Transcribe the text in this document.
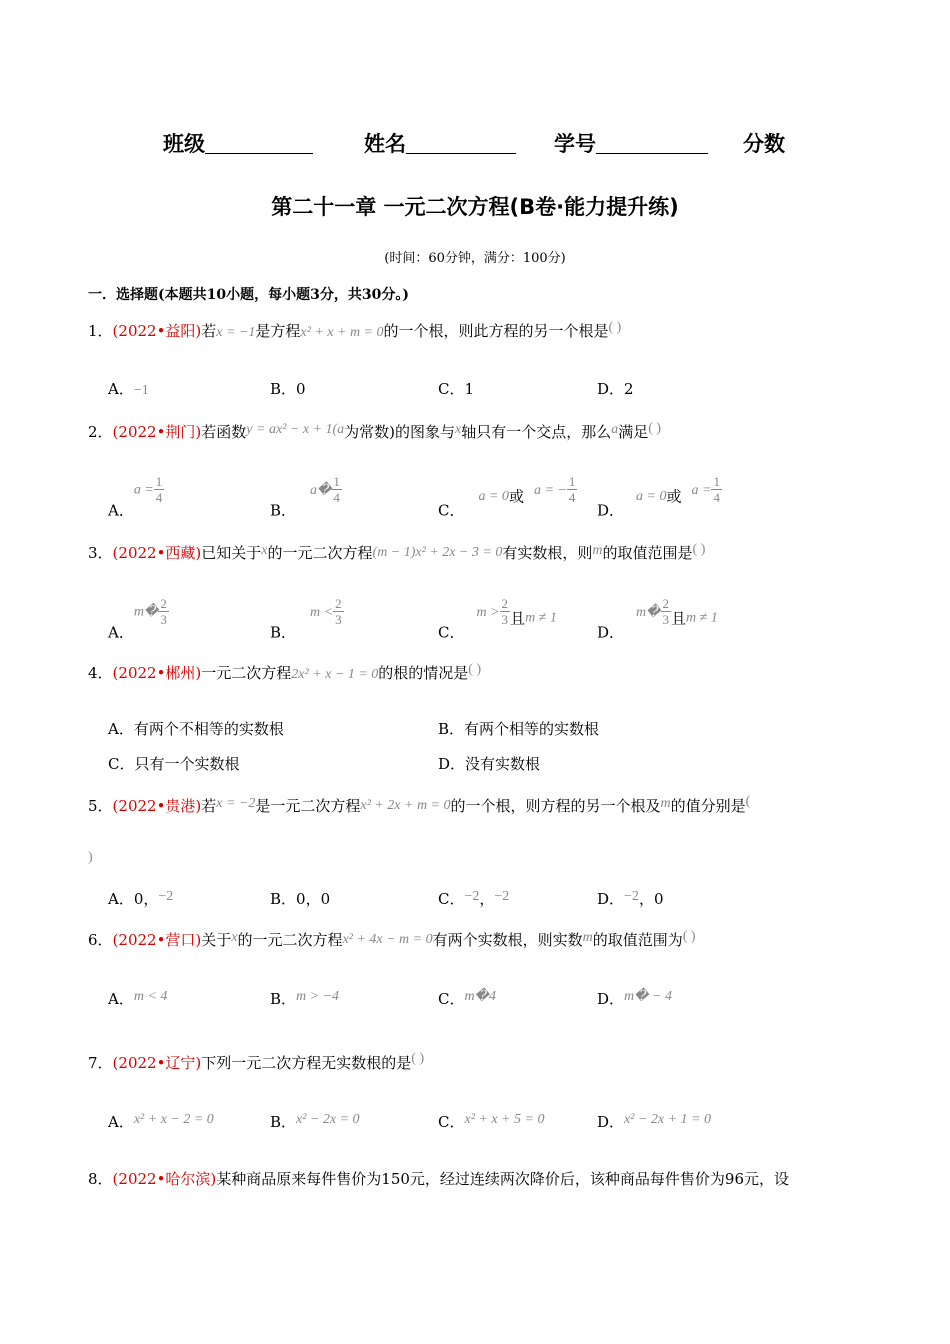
班级	姓名	学号	分数
第二十一章 一元二次方程(B卷·能力提升练)
(时间：60分钟，满分：100分)
一．选择题(本题共10小题，每小题3分，共30分。)
1．(2022•益阳)若x = −1是方程x² + x + m = 0的一个根，则此方程的另一个根是( )
A．−1	B．0	C．1	D．2
2．(2022•荆门)若函数y = ax² − x + 1(a为常数)的图象与x轴只有一个交点，那么a满足( )
A．$a = \frac{1}{4}$
B．a� $\frac{1}{4}$
C．a = 0或 a = − $\frac{1}{4}$
D．a = 0或 $a = \frac{1}{4}$
3．(2022•西藏)已知关于x的一元二次方程(m − 1)x² + 2x − 3 = 0有实数根，则m的取值范围是( )
A．m� $\frac{2}{3}$
B．$m < \frac{2}{3}$
C．$m > \frac{2}{3}$ 且m ≠ 1
D．m� $\frac{2}{3}$ 且m ≠ 1
4．(2022•郴州)一元二次方程2x² + x − 1 = 0的根的情况是( )
A．有两个不相等的实数根	B．有两个相等的实数根
C．只有一个实数根	D．没有实数根
5．(2022•贵港)若x = −2是一元二次方程x² + 2x + m = 0的一个根，则方程的另一个根及m的值分别是(
)
A．0，−2	B．0，0	C．−2，−2	D．−2，0
6．(2022•营口)关于x的一元二次方程x² + 4x − m = 0有两个实数根，则实数m的取值范围为( )
A．m < 4	B．m > −4	C．m�4	D．m� − 4
7．(2022•辽宁)下列一元二次方程无实数根的是( )
A．x² + x − 2 = 0	B．x² − 2x = 0	C．x² + x + 5 = 0	D．x² − 2x + 1 = 0
8．(2022•哈尔滨)某种商品原来每件售价为150元，经过连续两次降价后，该种商品每件售价为96元，设
